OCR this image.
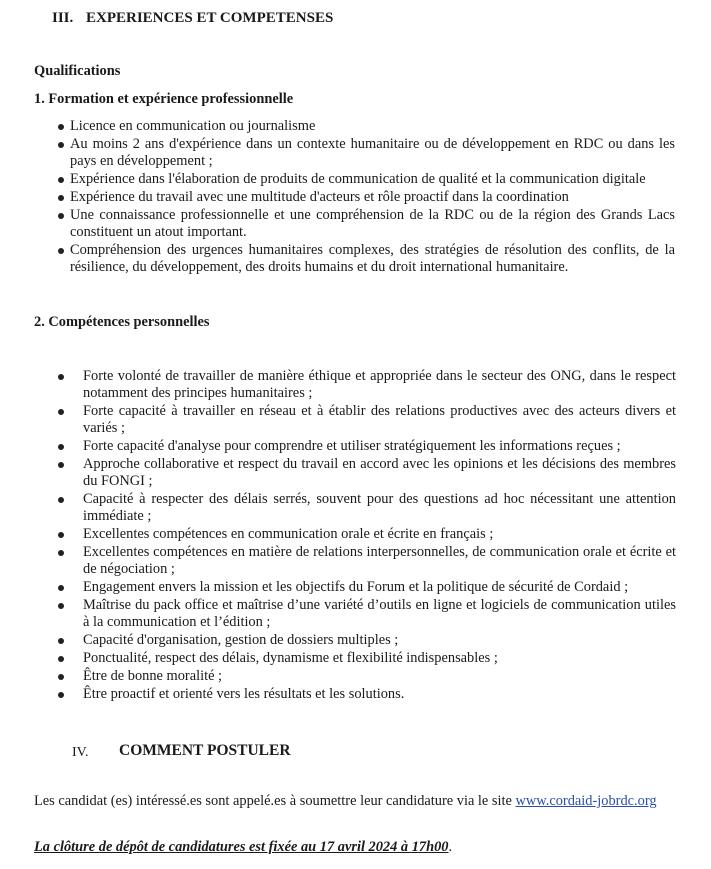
III. EXPERIENCES ET COMPETENSES
Qualifications
1. Formation et expérience professionnelle
Licence en communication ou journalisme
Au moins 2 ans d'expérience dans un contexte humanitaire ou de développement en RDC ou dans les pays en développement ;
Expérience dans l'élaboration de produits de communication de qualité et la communication digitale
Expérience du travail avec une multitude d'acteurs et rôle proactif dans la coordination
Une connaissance professionnelle et une compréhension de la RDC ou de la région des Grands Lacs constituent un atout important.
Compréhension des urgences humanitaires complexes, des stratégies de résolution des conflits, de la résilience, du développement, des droits humains et du droit international humanitaire.
2. Compétences personnelles
Forte volonté de travailler de manière éthique et appropriée dans le secteur des ONG, dans le respect notamment des principes humanitaires ;
Forte capacité à travailler en réseau et à établir des relations productives avec des acteurs divers et variés ;
Forte capacité d'analyse pour comprendre et utiliser stratégiquement les informations reçues ;
Approche collaborative et respect du travail en accord avec les opinions et les décisions des membres du FONGI ;
Capacité à respecter des délais serrés, souvent pour des questions ad hoc nécessitant une attention immédiate ;
Excellentes compétences en communication orale et écrite en français ;
Excellentes compétences en matière de relations interpersonnelles, de communication orale et écrite et de négociation ;
Engagement envers la mission et les objectifs du Forum et la politique de sécurité de Cordaid ;
Maîtrise du pack office et maîtrise d’une variété d’outils en ligne et logiciels de communication utiles à la communication et l’édition ;
Capacité d'organisation, gestion de dossiers multiples ;
Ponctualité, respect des délais, dynamisme et flexibilité indispensables ;
Être de bonne moralité ;
Être proactif et orienté vers les résultats et les solutions.
IV. COMMENT POSTULER
Les candidat (es) intéressé.es sont appelé.es à soumettre leur candidature via le site www.cordaid-jobrdc.org
La clôture de dépôt de candidatures est fixée au 17 avril 2024 à 17h00.
